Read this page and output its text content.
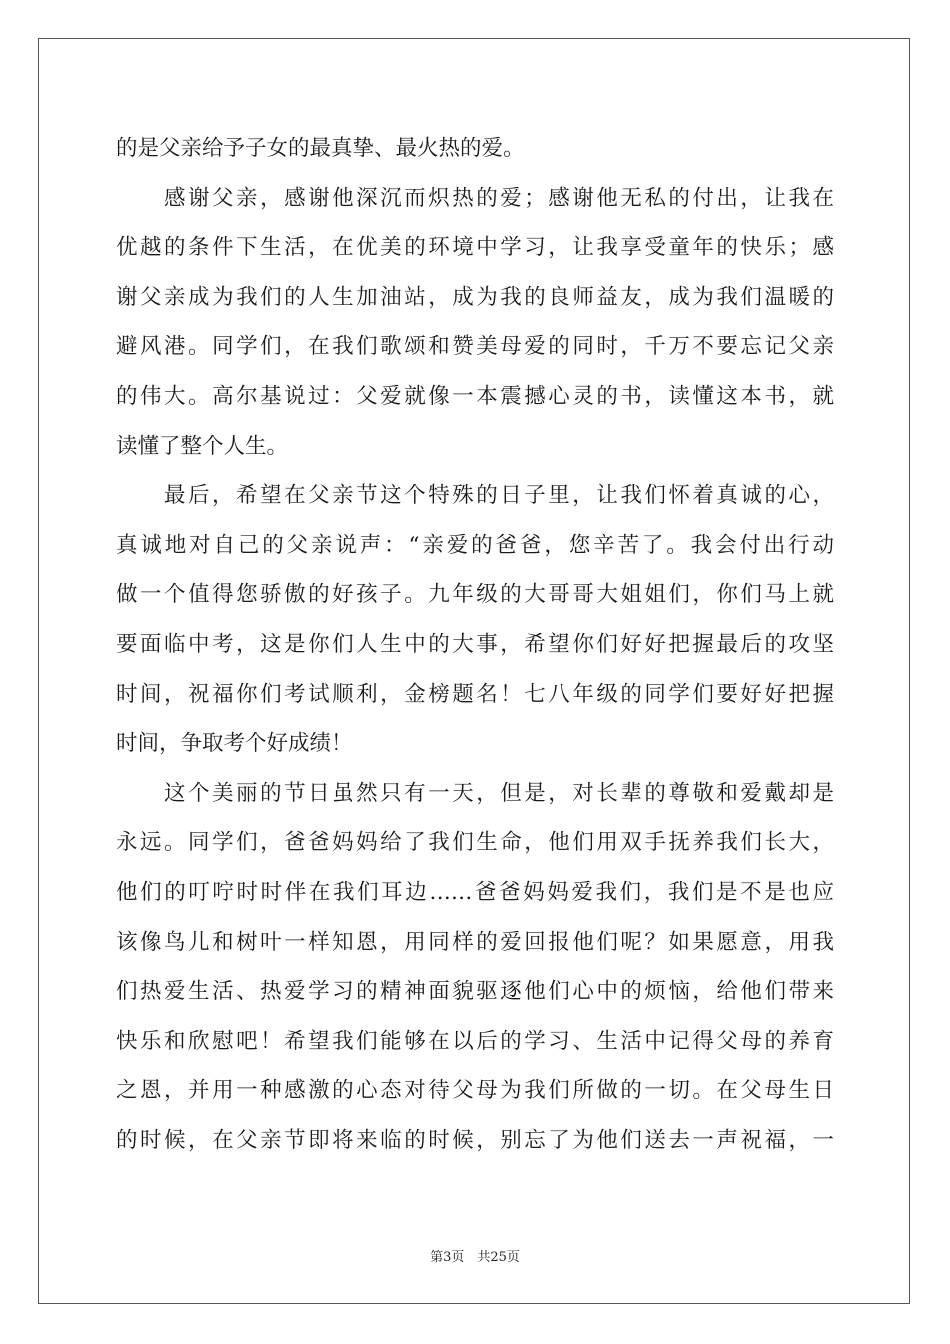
的是父亲给予子女的最真挚、最火热的爱。
感谢父亲，感谢他深沉而炽热的爱；感谢他无私的付出，让我在
优越的条件下生活，在优美的环境中学习，让我享受童年的快乐；感
谢父亲成为我们的人生加油站，成为我的良师益友，成为我们温暖的
避风港。同学们，在我们歌颂和赞美母爱的同时，千万不要忘记父亲
的伟大。高尔基说过：父爱就像一本震撼心灵的书，读懂这本书，就
读懂了整个人生。
最后，希望在父亲节这个特殊的日子里，让我们怀着真诚的心，
真诚地对自己的父亲说声：“亲爱的爸爸，您辛苦了。我会付出行动
做一个值得您骄傲的好孩子。九年级的大哥哥大姐姐们，你们马上就
要面临中考，这是你们人生中的大事，希望你们好好把握最后的攻坚
时间，祝福你们考试顺利，金榜题名！七八年级的同学们要好好把握
时间，争取考个好成绩！
这个美丽的节日虽然只有一天，但是，对长辈的尊敬和爱戴却是
永远。同学们，爸爸妈妈给了我们生命，他们用双手抚养我们长大，
他们的叮咛时时伴在我们耳边……爸爸妈妈爱我们，我们是不是也应
该像鸟儿和树叶一样知恩，用同样的爱回报他们呢？如果愿意，用我
们热爱生活、热爱学习的精神面貌驱逐他们心中的烦恼，给他们带来
快乐和欣慰吧！希望我们能够在以后的学习、生活中记得父母的养育
之恩，并用一种感激的心态对待父母为我们所做的一切。在父母生日
的时候，在父亲节即将来临的时候，别忘了为他们送去一声祝福，一
第3页　共25页
